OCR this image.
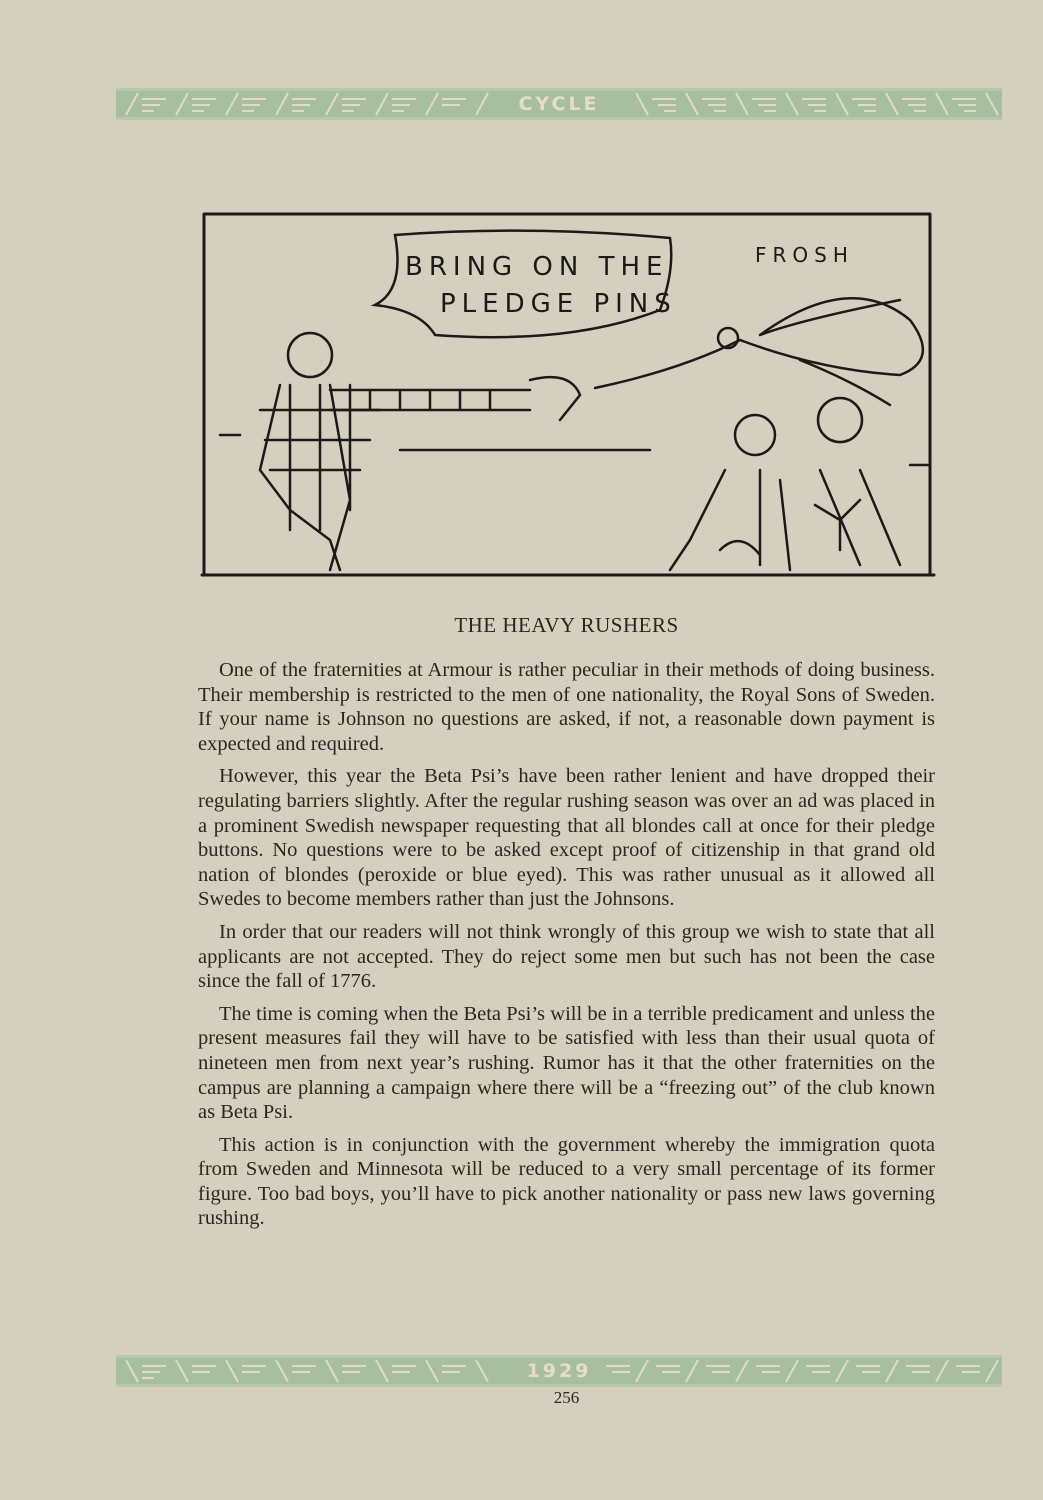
CYCLE
BRING ON THE
PLEDGE PINS
FROSH
THE HEAVY RUSHERS

One of the fraternities at Armour is rather peculiar in their methods of doing business. Their membership is restricted to the men of one nationality, the Royal Sons of Sweden. If your name is Johnson no questions are asked, if not, a reasonable down payment is expected and required.

However, this year the Beta Psi’s have been rather lenient and have dropped their regulating barriers slightly. After the regular rushing season was over an ad was placed in a prominent Swedish newspaper requesting that all blondes call at once for their pledge buttons. No questions were to be asked except proof of citizenship in that grand old nation of blondes (peroxide or blue eyed). This was rather unusual as it allowed all Swedes to become members rather than just the Johnsons.

In order that our readers will not think wrongly of this group we wish to state that all applicants are not accepted. They do reject some men but such has not been the case since the fall of 1776.

The time is coming when the Beta Psi’s will be in a terrible predicament and unless the present measures fail they will have to be satisfied with less than their usual quota of nineteen men from next year’s rushing. Rumor has it that the other fraternities on the campus are planning a campaign where there will be a “freezing out” of the club known as Beta Psi.

This action is in conjunction with the government whereby the immigration quota from Sweden and Minnesota will be reduced to a very small percentage of its former figure. Too bad boys, you’ll have to pick another nationality or pass new laws governing rushing.

1929
256
